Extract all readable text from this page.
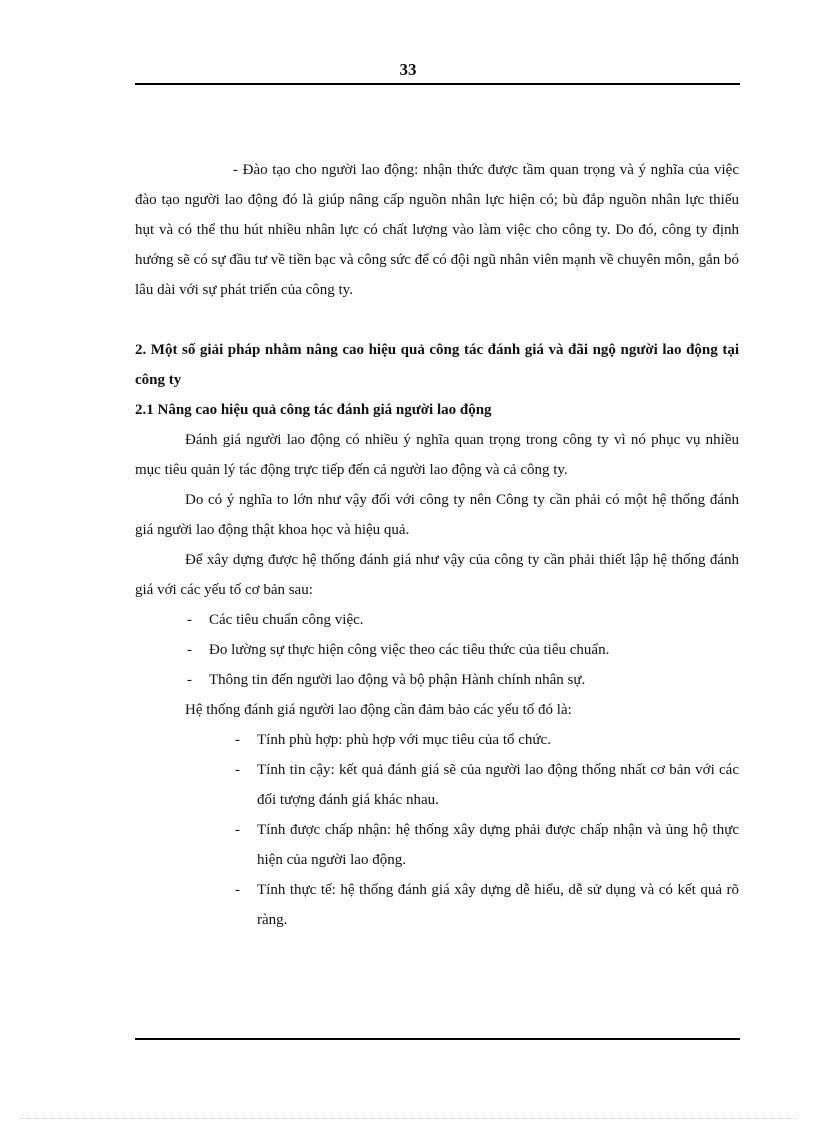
33

- Đào tạo cho người lao động: nhận thức được tầm quan trọng và ý nghĩa của việc đào tạo người lao động đó là giúp nâng cấp nguồn nhân lực hiện có; bù đắp nguồn nhân lực thiếu hụt và có thể thu hút nhiều nhân lực có chất lượng vào làm việc cho công ty. Do đó, công ty định hướng sẽ có sự đầu tư về tiền bạc và công sức để có đội ngũ nhân viên mạnh về chuyên môn, gắn bó lâu dài với sự phát triển của công ty.

2. Một số giải pháp nhằm nâng cao hiệu quả công tác đánh giá và đãi ngộ người lao động tại công ty

2.1 Nâng cao hiệu quả công tác đánh giá người lao động

Đánh giá người lao động có nhiều ý nghĩa quan trọng trong công ty vì nó phục vụ nhiều mục tiêu quản lý tác động trực tiếp đến cả người lao động và cả công ty.

Do có ý nghĩa to lớn như vậy đối với công ty nên Công ty cần phải có một hệ thống đánh giá người lao động thật khoa học và hiệu quả.

Để xây dựng được hệ thống đánh giá như vậy của công ty cần phải thiết lập hệ thống đánh giá với các yếu tố cơ bản sau:

-	Các tiêu chuẩn công việc.
-	Đo lường sự thực hiện công việc theo các tiêu thức của tiêu chuẩn.
-	Thông tin đến người lao động và bộ phận Hành chính nhân sự.

Hệ thống đánh giá người lao động cần đảm bảo các yếu tố đó là:

- Tính phù hợp: phù hợp với mục tiêu của tổ chức.
- Tính tin cậy: kết quả đánh giá sẽ của người lao động thống nhất cơ bản với các đối tượng đánh giá khác nhau.
- Tính được chấp nhận: hệ thống xây dựng phải được chấp nhận và ủng hộ thực hiện của người lao động.
- Tính thực tế: hệ thống đánh giá xây dựng dễ hiểu, dễ sử dụng và có kết quả rõ ràng.
